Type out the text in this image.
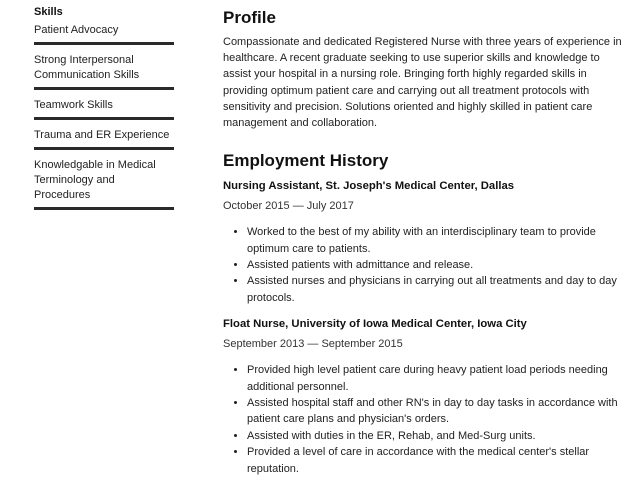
Skills
Patient Advocacy
Strong Interpersonal Communication Skills
Teamwork Skills
Trauma and ER Experience
Knowledgable in Medical Terminology and Procedures
Profile
Compassionate and dedicated Registered Nurse with three years of experience in healthcare. A recent graduate seeking to use superior skills and knowledge to assist your hospital in a nursing role. Bringing forth highly regarded skills in providing optimum patient care and carrying out all treatment protocols with sensitivity and precision. Solutions oriented and highly skilled in patient care management and collaboration.
Employment History
Nursing Assistant, St. Joseph's Medical Center, Dallas
October 2015 — July 2017
• Worked to the best of my ability with an interdisciplinary team to provide optimum care to patients.
• Assisted patients with admittance and release.
• Assisted nurses and physicians in carrying out all treatments and day to day protocols.
Float Nurse, University of Iowa Medical Center, Iowa City
September 2013 — September 2015
• Provided high level patient care during heavy patient load periods needing additional personnel.
• Assisted hospital staff and other RN's in day to day tasks in accordance with patient care plans and physician's orders.
• Assisted with duties in the ER, Rehab, and Med-Surg units.
• Provided a level of care in accordance with the medical center's stellar reputation.
